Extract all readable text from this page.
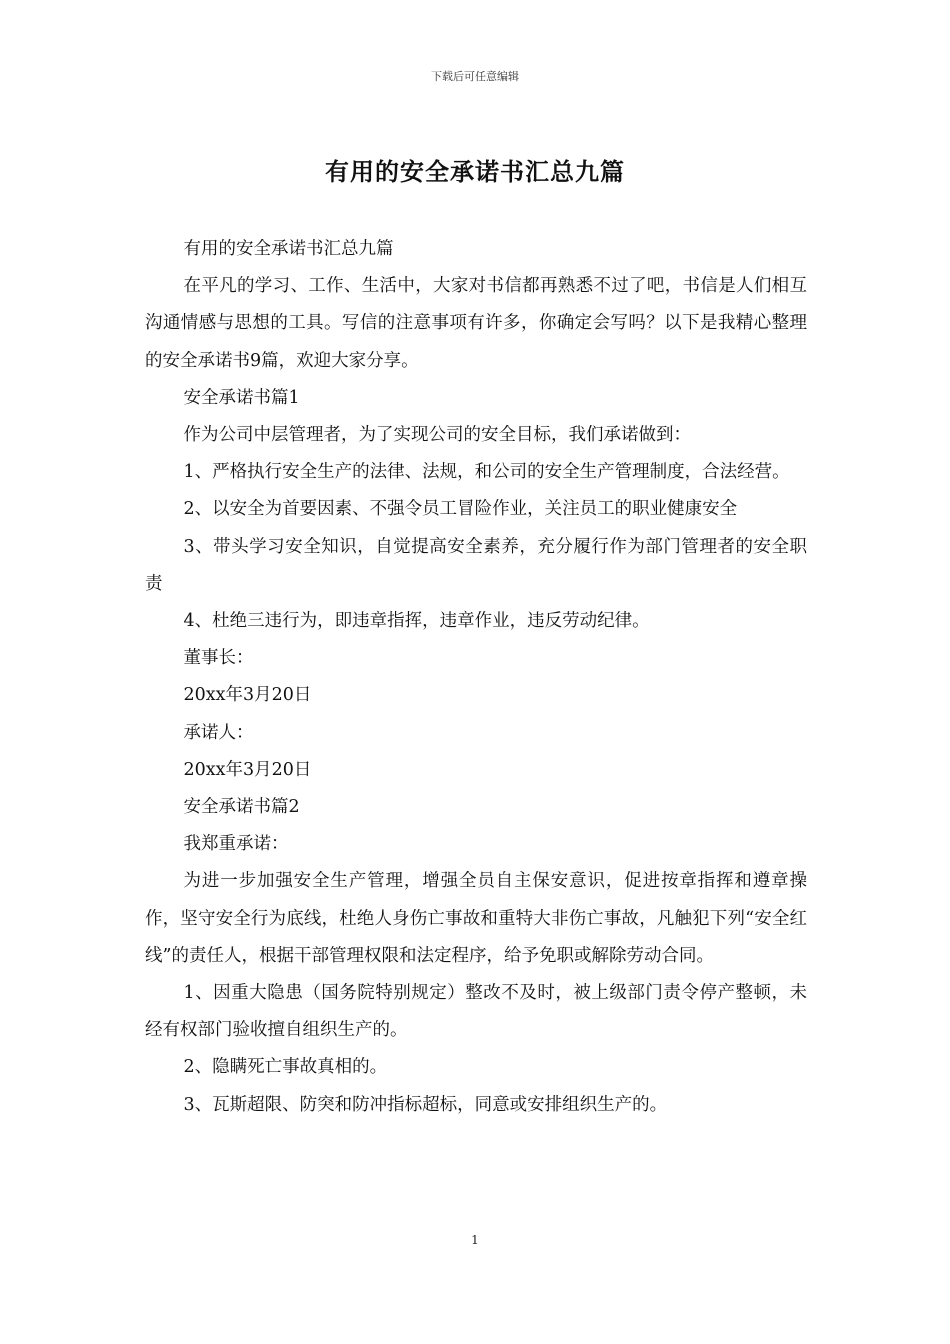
下载后可任意编辑
有用的安全承诺书汇总九篇

有用的安全承诺书汇总九篇

在平凡的学习、工作、生活中，大家对书信都再熟悉不过了吧，书信是人们相互沟通情感与思想的工具。写信的注意事项有许多，你确定会写吗？以下是我精心整理的安全承诺书9篇，欢迎大家分享。

安全承诺书篇1

作为公司中层管理者，为了实现公司的安全目标，我们承诺做到：

1、严格执行安全生产的法律、法规，和公司的安全生产管理制度，合法经营。

2、以安全为首要因素、不强令员工冒险作业，关注员工的职业健康安全

3、带头学习安全知识，自觉提高安全素养，充分履行作为部门管理者的安全职责

4、杜绝三违行为，即违章指挥，违章作业，违反劳动纪律。

董事长：

20xx年3月20日

承诺人：

20xx年3月20日

安全承诺书篇2

我郑重承诺：

为进一步加强安全生产管理，增强全员自主保安意识，促进按章指挥和遵章操作，坚守安全行为底线，杜绝人身伤亡事故和重特大非伤亡事故，凡触犯下列“安全红线”的责任人，根据干部管理权限和法定程序，给予免职或解除劳动合同。

1、因重大隐患（国务院特别规定）整改不及时，被上级部门责令停产整顿，未经有权部门验收擅自组织生产的。

2、隐瞒死亡事故真相的。

3、瓦斯超限、防突和防冲指标超标，同意或安排组织生产的。

1
